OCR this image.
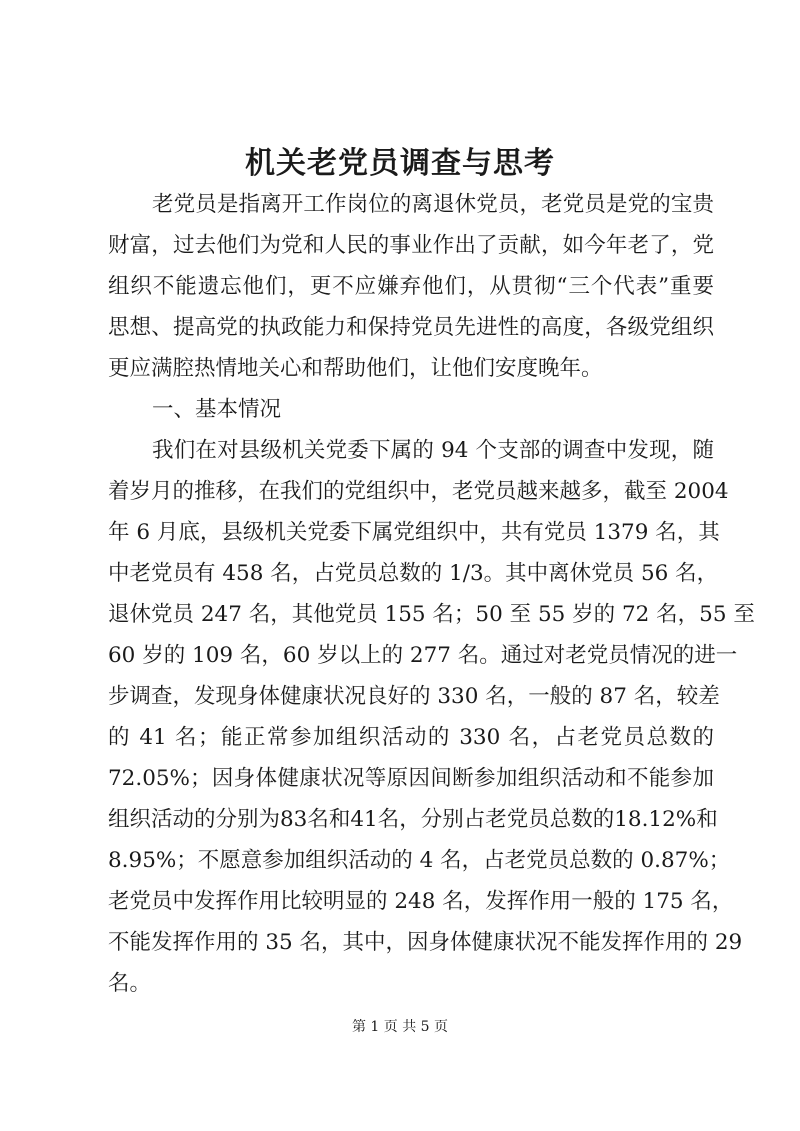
机关老党员调查与思考
老党员是指离开工作岗位的离退休党员，老党员是党的宝贵
财富，过去他们为党和人民的事业作出了贡献，如今年老了，党
组织不能遗忘他们，更不应嫌弃他们，从贯彻“三个代表”重要
思想、提高党的执政能力和保持党员先进性的高度，各级党组织
更应满腔热情地关心和帮助他们，让他们安度晚年。
一、基本情况
我们在对县级机关党委下属的 94 个支部的调查中发现，随
着岁月的推移，在我们的党组织中，老党员越来越多，截至 2004
年 6 月底，县级机关党委下属党组织中，共有党员 1379 名，其
中老党员有 458 名，占党员总数的 1/3。其中离休党员 56 名，
退休党员 247 名，其他党员 155 名；50 至 55 岁的 72 名，55 至
60 岁的 109 名，60 岁以上的 277 名。通过对老党员情况的进一
步调查，发现身体健康状况良好的 330 名，一般的 87 名，较差
的 41 名；能正常参加组织活动的 330 名，占老党员总数的
72.05%；因身体健康状况等原因间断参加组织活动和不能参加
组织活动的分别为83名和41名，分别占老党员总数的18.12%和
8.95%；不愿意参加组织活动的 4 名，占老党员总数的 0.87%；
老党员中发挥作用比较明显的 248 名，发挥作用一般的 175 名，
不能发挥作用的 35 名，其中，因身体健康状况不能发挥作用的 29
名。
第 1 页 共 5 页
